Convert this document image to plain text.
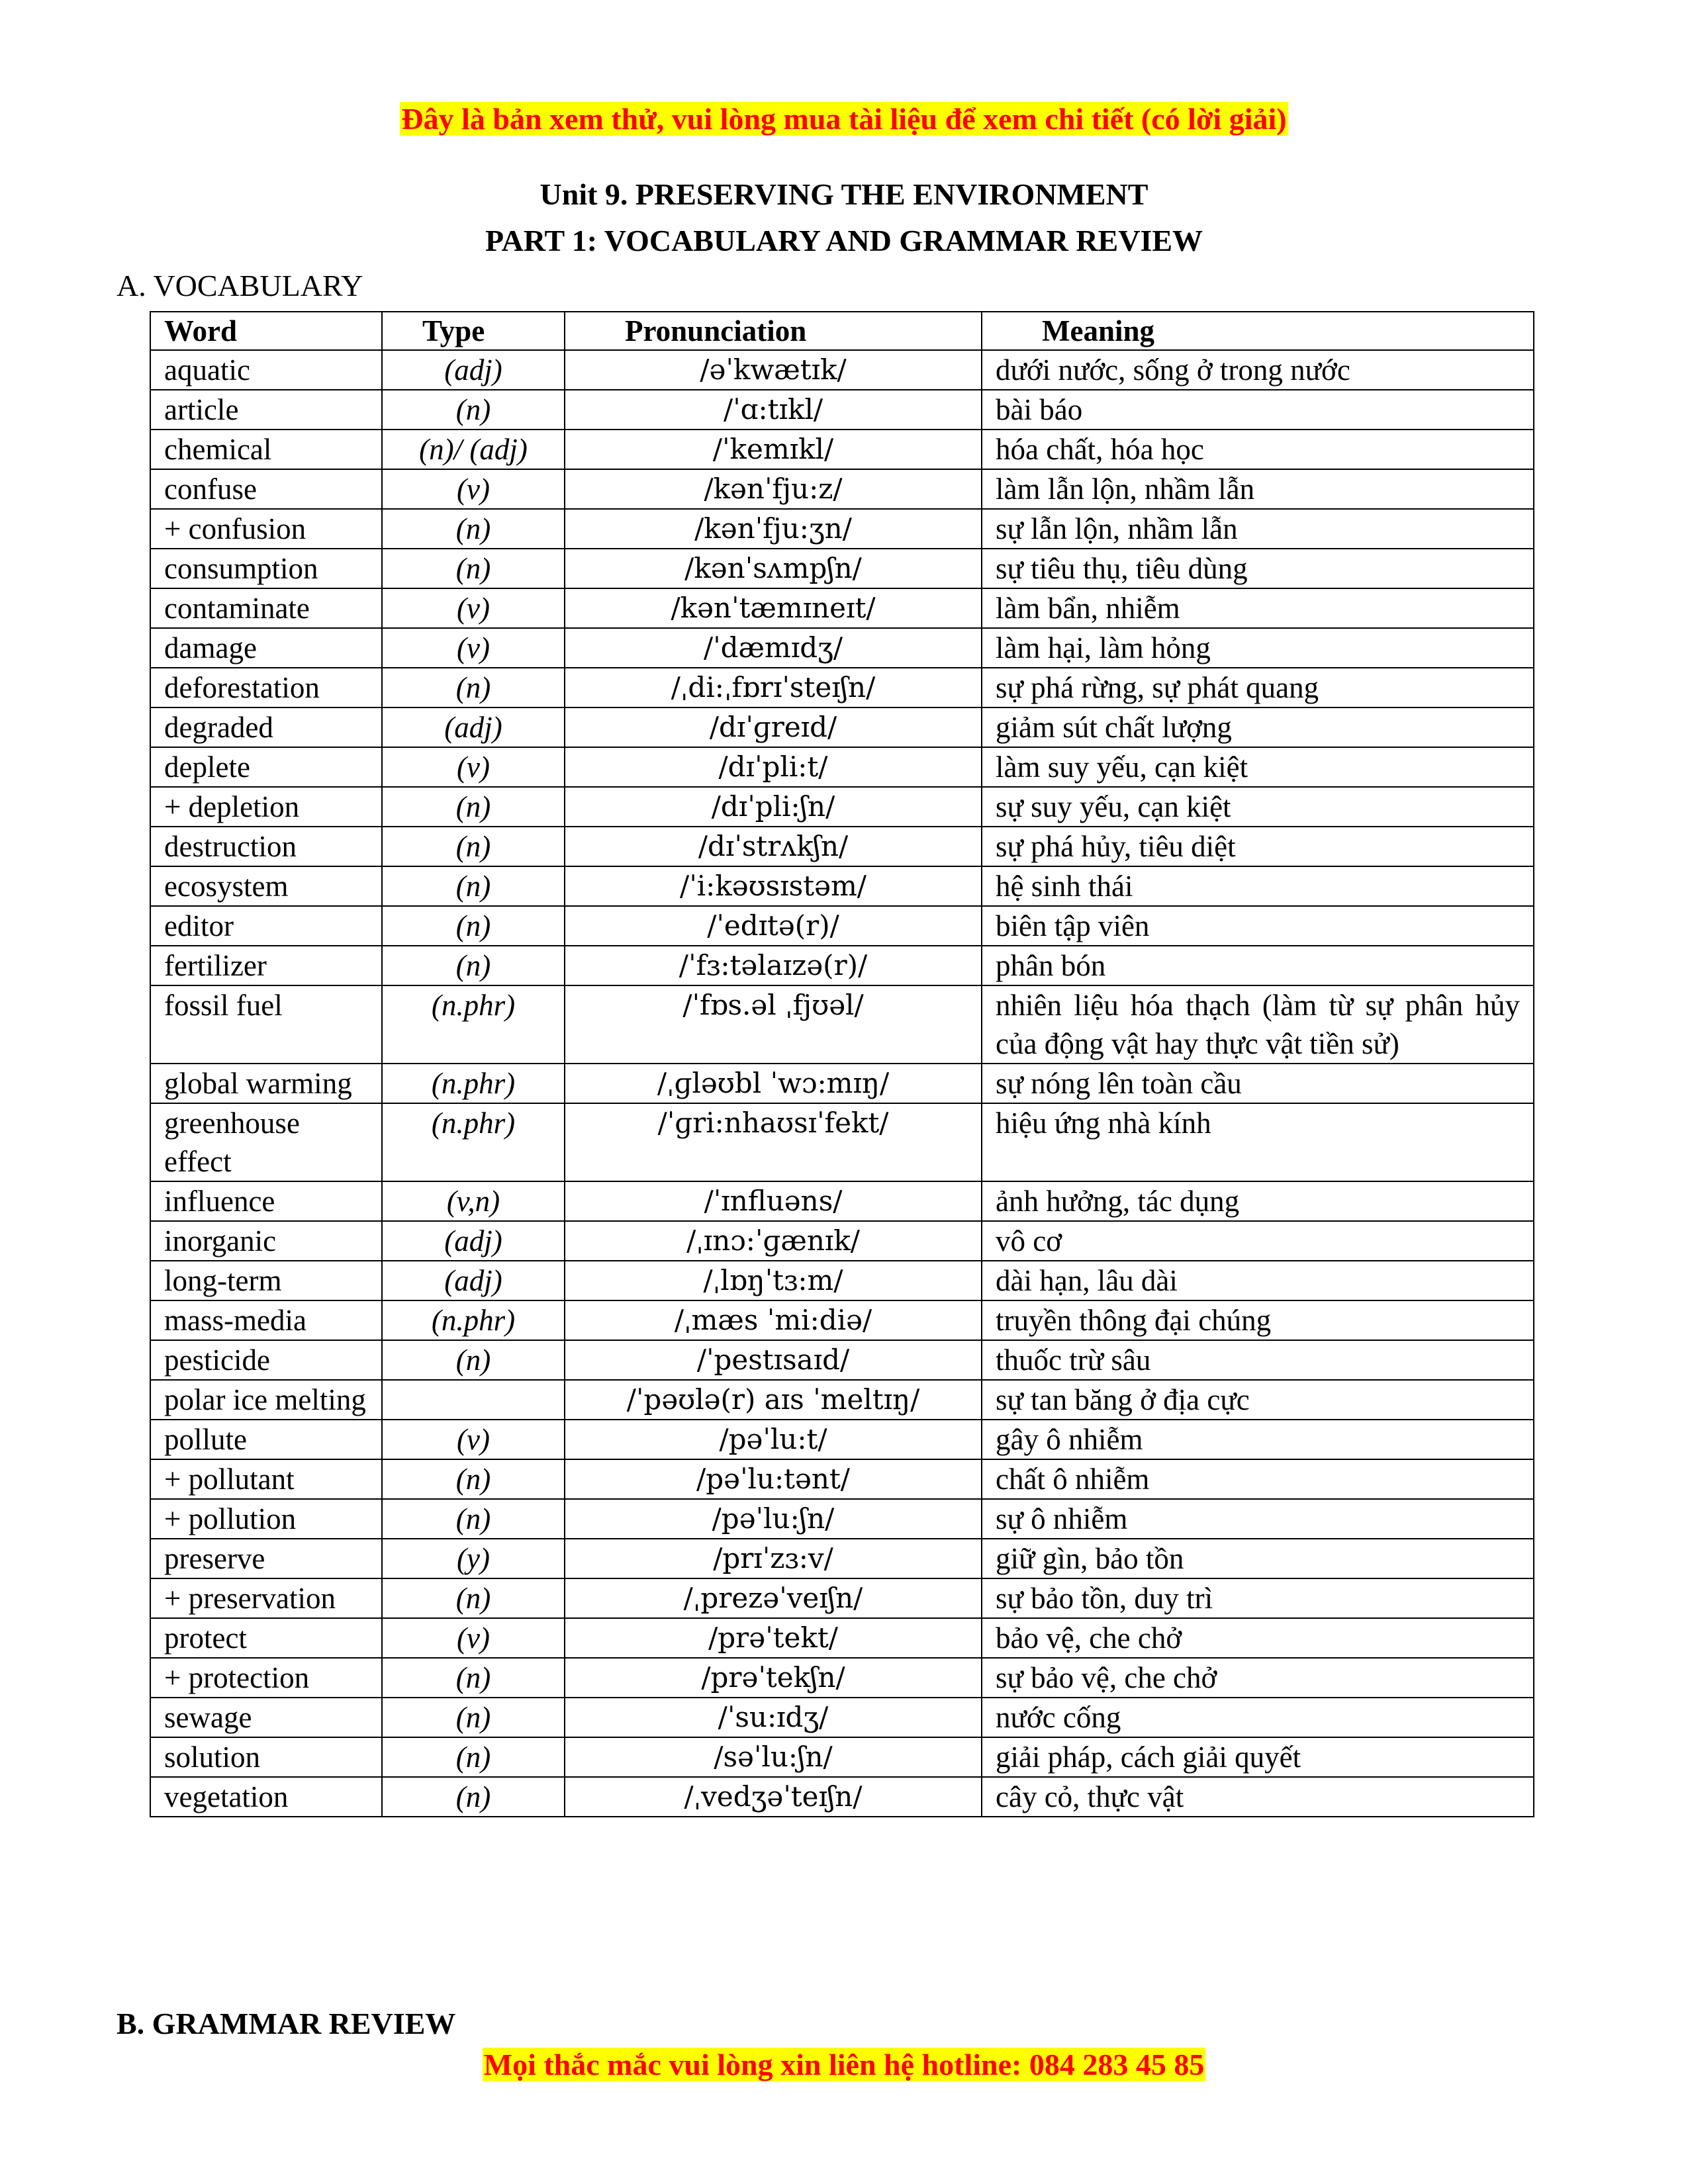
Đây là bản xem thử, vui lòng mua tài liệu để xem chi tiết (có lời giải)
Unit 9. PRESERVING THE ENVIRONMENT
PART 1: VOCABULARY AND GRAMMAR REVIEW
A. VOCABULARY
Word	Type	Pronunciation	Meaning
aquatic	(adj)	/əˈkwætɪk/	dưới nước, sống ở trong nước
article	(n)	/ˈɑ:tɪkl/	bài báo
chemical	(n)/ (adj)	/ˈkemɪkl/	hóa chất, hóa học
confuse	(v)	/kənˈfju:z/	làm lẫn lộn, nhầm lẫn
+ confusion	(n)	/kənˈfju:ʒn/	sự lẫn lộn, nhầm lẫn
consumption	(n)	/kənˈsʌmpʃn/	sự tiêu thụ, tiêu dùng
contaminate	(v)	/kənˈtæmɪneɪt/	làm bẩn, nhiễm
damage	(v)	/ˈdæmɪdʒ/	làm hại, làm hỏng
deforestation	(n)	/ˌdi:ˌfɒrɪˈsteɪʃn/	sự phá rừng, sự phát quang
degraded	(adj)	/dɪˈɡreɪd/	giảm sút chất lượng
deplete	(v)	/dɪˈpli:t/	làm suy yếu, cạn kiệt
+ depletion	(n)	/dɪˈpli:ʃn/	sự suy yếu, cạn kiệt
destruction	(n)	/dɪˈstrʌkʃn/	sự phá hủy, tiêu diệt
ecosystem	(n)	/ˈi:kəʊsɪstəm/	hệ sinh thái
editor	(n)	/ˈedɪtə(r)/	biên tập viên
fertilizer	(n)	/ˈfɜ:təlaɪzə(r)/	phân bón
fossil fuel	(n.phr)	/ˈfɒs.əl ˌfjʊəl/	nhiên liệu hóa thạch (làm từ sự phân hủy của động vật hay thực vật tiền sử)
global warming	(n.phr)	/ˌɡləʊbl ˈwɔ:mɪŋ/	sự nóng lên toàn cầu
greenhouse effect	(n.phr)	/ˈɡri:nhaʊsɪˈfekt/	hiệu ứng nhà kính
influence	(v,n)	/ˈɪnfluəns/	ảnh hưởng, tác dụng
inorganic	(adj)	/ˌɪnɔ:ˈɡænɪk/	vô cơ
long-term	(adj)	/ˌlɒŋˈtɜ:m/	dài hạn, lâu dài
mass-media	(n.phr)	/ˌmæs ˈmi:diə/	truyền thông đại chúng
pesticide	(n)	/ˈpestɪsaɪd/	thuốc trừ sâu
polar ice melting		/ˈpəʊlə(r) aɪs ˈmeltɪŋ/	sự tan băng ở địa cực
pollute	(v)	/pəˈlu:t/	gây ô nhiễm
+ pollutant	(n)	/pəˈlu:tənt/	chất ô nhiễm
+ pollution	(n)	/pəˈlu:ʃn/	sự ô nhiễm
preserve	(y)	/prɪˈzɜ:v/	giữ gìn, bảo tồn
+ preservation	(n)	/ˌprezəˈveɪʃn/	sự bảo tồn, duy trì
protect	(v)	/prəˈtekt/	bảo vệ, che chở
+ protection	(n)	/prəˈtekʃn/	sự bảo vệ, che chở
sewage	(n)	/ˈsu:ɪdʒ/	nước cống
solution	(n)	/səˈlu:ʃn/	giải pháp, cách giải quyết
vegetation	(n)	/ˌvedʒəˈteɪʃn/	cây cỏ, thực vật
B. GRAMMAR REVIEW
Mọi thắc mắc vui lòng xin liên hệ hotline: 084 283 45 85
